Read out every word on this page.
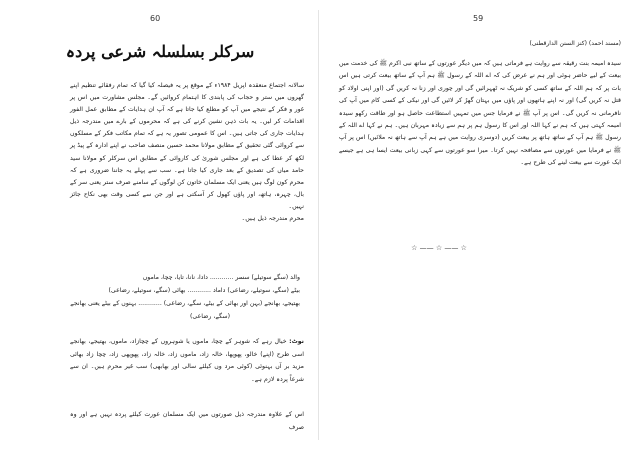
60
سرکلر بسلسلہ شرعی پردہ

سالانہ اجتماع منعقدہ اپریل ۱۹۸۴ء کے موقع پر یہ فیصلہ کیا گیا کہ تمام رفقائے تنظیم اپنے گھروں میں ستر و حجاب کی پابندی کا اہتمام کروائیں گے۔ مجلس مشاورت میں اس پر غور و فکر کے نتیجے میں آپ کو مطلع کیا جاتا ہے کہ آپ ان ہدایات کے مطابق عمل الفور اقدامات کر لیں۔ یہ بات ذہن نشین کرنے کی ہے کہ محرموں کے بارے میں مندرجہ ذیل ہدایات جاری کی جاتی ہیں۔ اس کا عمومی تصور یہ ہے کہ تمام مکاتب فکر کے مسلکوں سے کروائی گئی تحقیق کے مطابق مولانا محمد حسین منصف صاحب نے اپنے ادارہ کے پیڈ پر لکھ کر عطا کی ہے اور مجلس شوریٰ کی کاروائی کے مطابق اس سرکلر کو مولانا سید حامد میاں کی تصدیق کے بعد جاری کیا جاتا ہے۔ سب سے پہلے یہ جاننا ضروری ہے کہ محرم کون لوگ ہیں یعنی ایک مسلمان خاتون کن لوگوں کے سامنے صرف ستر یعنی سر کے بال، چہرہ، ہاتھ، اور پاؤں کھول کر آسکتی ہے اور جن سے کسی وقت بھی نکاح جائز نہیں۔

محرم مندرجہ ذیل ہیں۔

والد (سگے سوتیلے) سسر ............ دادا، نانا، تایا، چچا، ماموں
بیٹے (سگے، سوتیلے، رضاعی) داماد ............ بھائی (سگے، سوتیلے، رضاعی)
بھتیجے، بھانجے (بہن اور بھائی کے بیٹے، سگے، رضاعی) ............ بہنوں کے بیٹے یعنی بھانجے
(سگے، رضاعی)
نوٹ: خیال رہے کہ شوہر کے چچا، ماموں یا شوہروں کے چچازاد، ماموں، بھتیجے، بھانجے اسی طرح (اپنے) خالو، پھوپھا، خالہ زاد، ماموں زاد، خالہ زاد، پھوپھی زاد، چچا زاد بھائی مزید بر آں بہنوئی (کوئی مرد وں کیلئے سالی اور بھابھی) سب غیر محرم ہیں۔ ان سے شرعاً پردہ لازم ہے۔
اس کے علاوہ مندرجہ ذیل صورتوں میں ایک مسلمان عورت کیلئے پردہ نہیں ہے اور وہ صرف
59
(مسند احمد) (کنز السنن الدارقطنی)

سیدہ امیمہ بنت رقیقہ سے روایت ہے فرماتی ہیں کہ میں دیگر عورتوں کے ساتھ نبی اکرم ﷺ کی خدمت میں بیعت کے لیے حاضر ہوئی اور ہم نے عرض کی کہ اے اللہ کے رسول ﷺ ہم آپ کے ساتھ بیعت کرتی ہیں اس بات پر کہ ہم اللہ کے ساتھ کسی کو شریک نہ ٹھہرائیں گی اور چوری اور زنا نہ کریں گی (اور اپنی اولاد کو قتل نہ کریں گی) اور نہ اپنے ہاتھوں اور پاؤں میں بہتان گھڑ کر لائیں گی اور نیکی کے کسی کام میں آپ کی نافرمانی نہ کریں گی۔ اس پر آپ ﷺ نے فرمایا جس میں تمہیں استطاعت حاصل ہو اور طاقت رکھو سیدہ امیمہ کہتی ہیں کہ ہم نے کہا اللہ اور اس کا رسول ہم پر ہم سے زیادہ مہربان ہیں۔ ہم نے کہا اے اللہ کے رسول ﷺ ہم آپ کے ساتھ ہاتھ پر بیعت کریں (دوسری روایت میں ہے ہم آپ سے ہاتھ نہ ملائیں) اس پر آپ ﷺ نے فرمایا میں عورتوں سے مصافحہ نہیں کرتا۔ میرا سو عورتوں سے کہی زبانی بیعت ایسا ہی ہے جیسے ایک عورت سے بیعت لینے کی طرح ہے۔

☆ —— ☆ —— ☆
